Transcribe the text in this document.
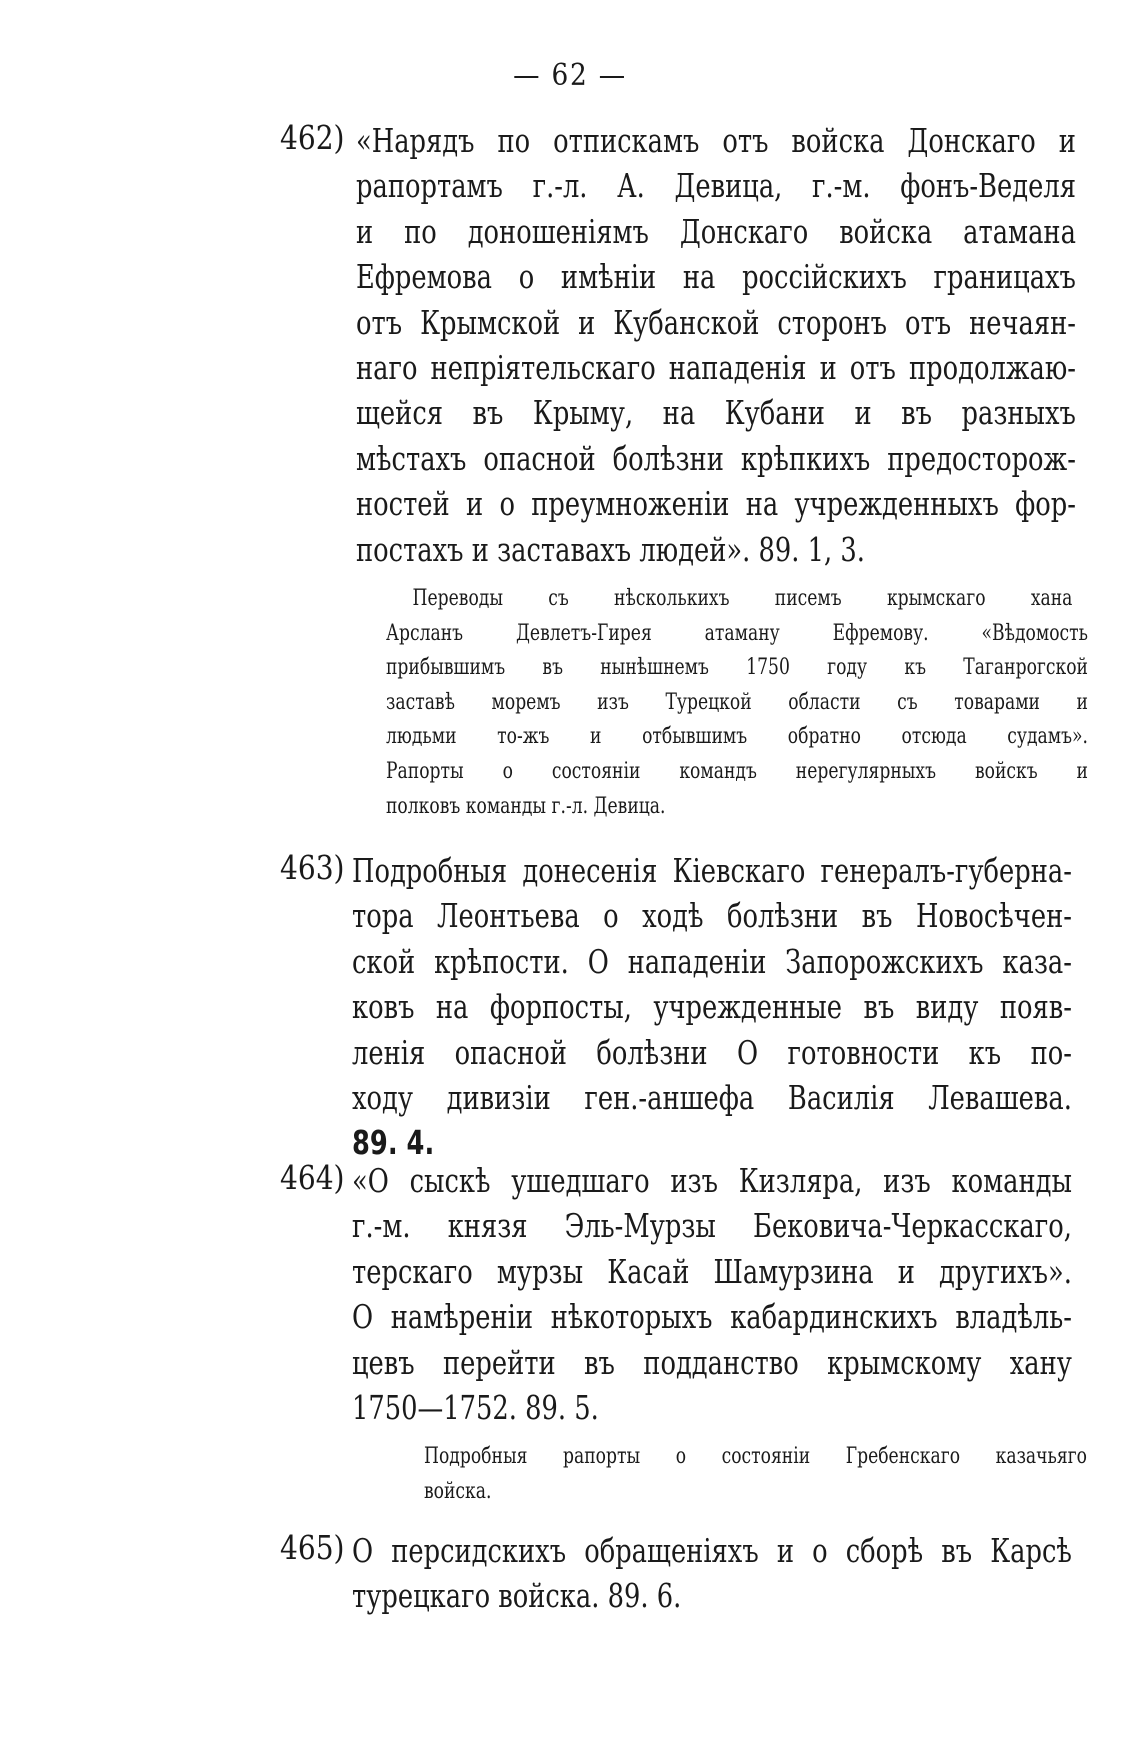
— 62 —
462) «Нарядъ по отпискамъ отъ войска Донскаго и
рапортамъ г.-л. А. Девица, г.-м. фонъ-Веделя
и по доношеніямъ Донскаго войска атамана
Ефремова о имѣніи на россійскихъ границахъ
отъ Крымской и Кубанской сторонъ отъ нечаян-
наго непріятельскаго нападенія и отъ продолжаю-
щейся въ Крыму, на Кубани и въ разныхъ
мѣстахъ опасной болѣзни крѣпкихъ предосторож-
ностей и о преумноженіи на учрежденныхъ фор-
постахъ и заставахъ людей». 89. 1, 3.
Переводы съ нѣсколькихъ писемъ крымскаго хана
Арсланъ Девлетъ-Гирея атаману Ефремову. «Вѣдомость
прибывшимъ въ нынѣшнемъ 1750 году къ Таганрогской
заставѣ моремъ изъ Турецкой области съ товарами и
людьми то-жъ и отбывшимъ обратно отсюда судамъ».
Рапорты о состояніи командъ нерегулярныхъ войскъ и
полковъ команды г.-л. Девица.
463) Подробныя донесенія Кіевскаго генералъ-губерна-
тора Леонтьева о ходѣ болѣзни въ Новосѣчен-
ской крѣпости. О нападеніи Запорожскихъ каза-
ковъ на форпосты, учрежденные въ виду появ-
ленія опасной болѣзни О готовности къ по-
ходу дивизіи ген.-аншефа Василія Левашева.
89. 4.
464) «О сыскѣ ушедшаго изъ Кизляра, изъ команды
г.-м. князя Эль-Мурзы Бековича-Черкасскаго,
терскаго мурзы Касай Шамурзина и другихъ».
О намѣреніи нѣкоторыхъ кабардинскихъ владѣль-
цевъ перейти въ подданство крымскому хану
1750—1752. 89. 5.
Подробныя рапорты о состояніи Гребенскаго казачьяго
войска.
465) О персидскихъ обращеніяхъ и о сборѣ въ Карсѣ
турецкаго войска. 89. 6.
